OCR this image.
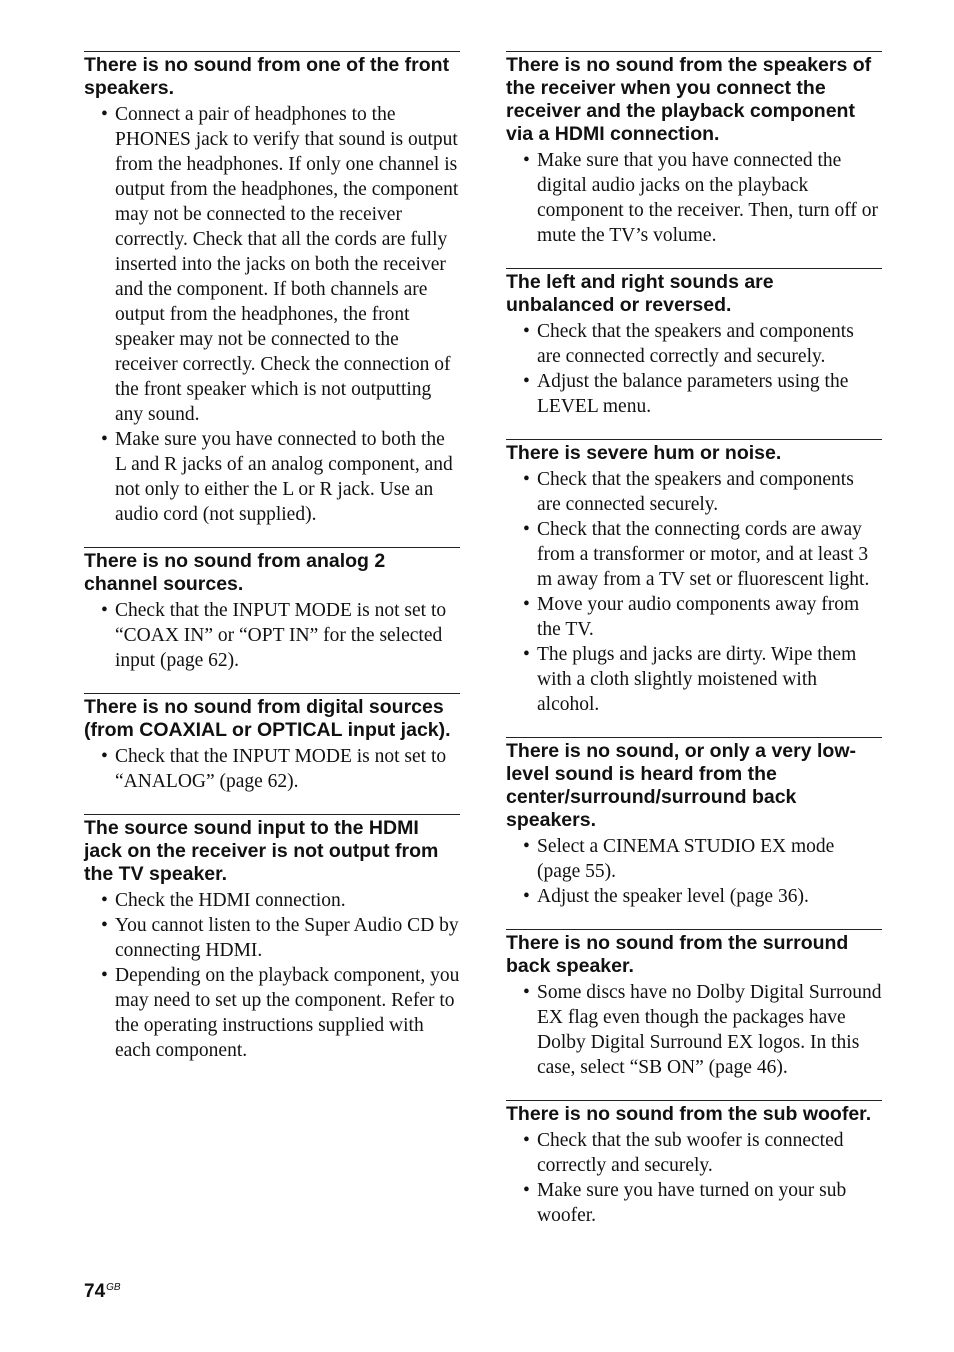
There is no sound from one of the front speakers.
• Connect a pair of headphones to the PHONES jack to verify that sound is output from the headphones. If only one channel is output from the headphones, the component may not be connected to the receiver correctly. Check that all the cords are fully inserted into the jacks on both the receiver and the component. If both channels are output from the headphones, the front speaker may not be connected to the receiver correctly. Check the connection of the front speaker which is not outputting any sound.
• Make sure you have connected to both the L and R jacks of an analog component, and not only to either the L or R jack. Use an audio cord (not supplied).
There is no sound from analog 2 channel sources.
• Check that the INPUT MODE is not set to “COAX IN” or “OPT IN” for the selected input (page 62).
There is no sound from digital sources (from COAXIAL or OPTICAL input jack).
• Check that the INPUT MODE is not set to “ANALOG” (page 62).
The source sound input to the HDMI jack on the receiver is not output from the TV speaker.
• Check the HDMI connection.
• You cannot listen to the Super Audio CD by connecting HDMI.
• Depending on the playback component, you may need to set up the component. Refer to the operating instructions supplied with each component.
There is no sound from the speakers of the receiver when you connect the receiver and the playback component via a HDMI connection.
• Make sure that you have connected the digital audio jacks on the playback component to the receiver. Then, turn off or mute the TV’s volume.
The left and right sounds are unbalanced or reversed.
• Check that the speakers and components are connected correctly and securely.
• Adjust the balance parameters using the LEVEL menu.
There is severe hum or noise.
• Check that the speakers and components are connected securely.
• Check that the connecting cords are away from a transformer or motor, and at least 3 m away from a TV set or fluorescent light.
• Move your audio components away from the TV.
• The plugs and jacks are dirty. Wipe them with a cloth slightly moistened with alcohol.
There is no sound, or only a very low-level sound is heard from the center/surround/surround back speakers.
• Select a CINEMA STUDIO EX mode (page 55).
• Adjust the speaker level (page 36).
There is no sound from the surround back speaker.
• Some discs have no Dolby Digital Surround EX flag even though the packages have Dolby Digital Surround EX logos. In this case, select “SB ON” (page 46).
There is no sound from the sub woofer.
• Check that the sub woofer is connected correctly and securely.
• Make sure you have turned on your sub woofer.
$74^{GB}$
